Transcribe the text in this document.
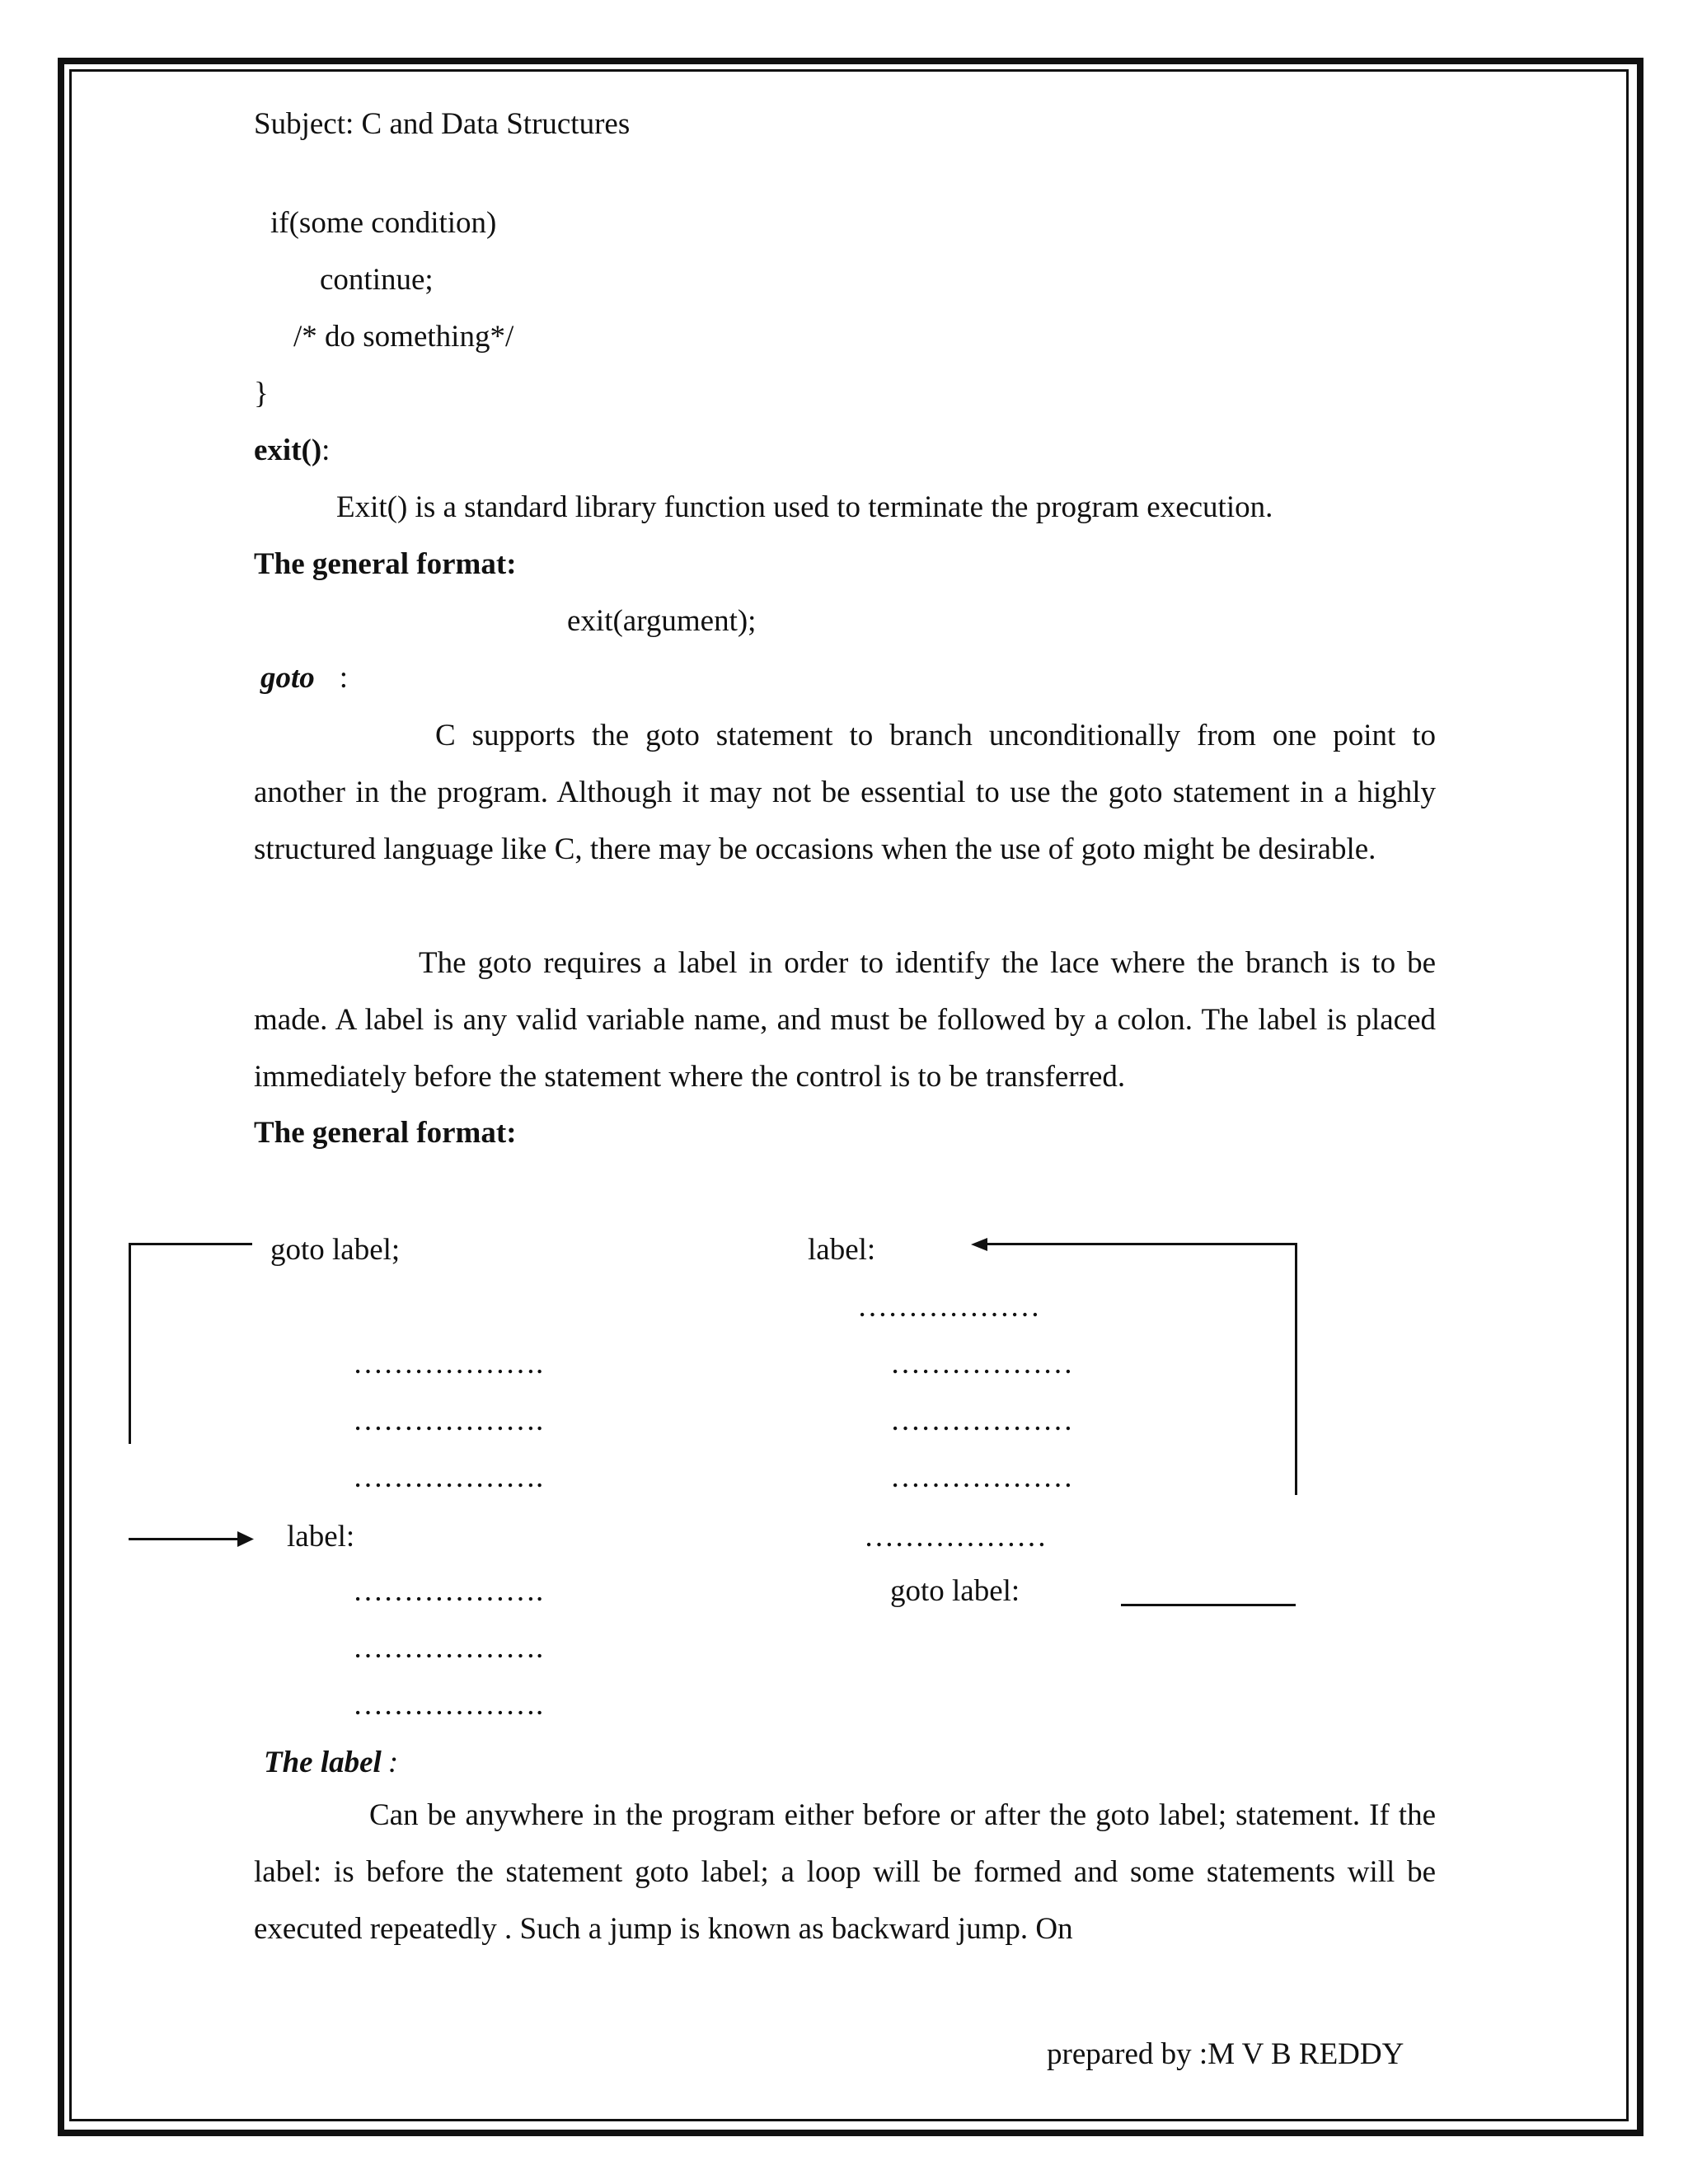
Subject: C and Data Structures
if(some condition)
continue;
/* do something*/
}
exit():
Exit() is a standard library function used to terminate the program execution.
The general format:
exit(argument);
goto :

C supports the goto statement to branch unconditionally from one point to another in the program. Although it may not be essential to use the goto statement in a highly structured language like C, there may be occasions when the use of goto might be desirable.

The goto requires a label in order to identify the lace where the branch is to be made. A label is any valid variable name, and must be followed by a colon. The label is placed immediately before the statement where the control is to be transferred.

The general format:
goto label;
……………….
……………….
……………….
label:
……………….
……………….
……………….
label:
………………
………………
………………
………………
………………
goto label:
The label :

Can be anywhere in the program either before or after the goto label; statement. If the label: is before the statement goto label; a loop will be formed and some statements will be executed repeatedly . Such a jump is known as backward jump. On

prepared by :M V B REDDY
